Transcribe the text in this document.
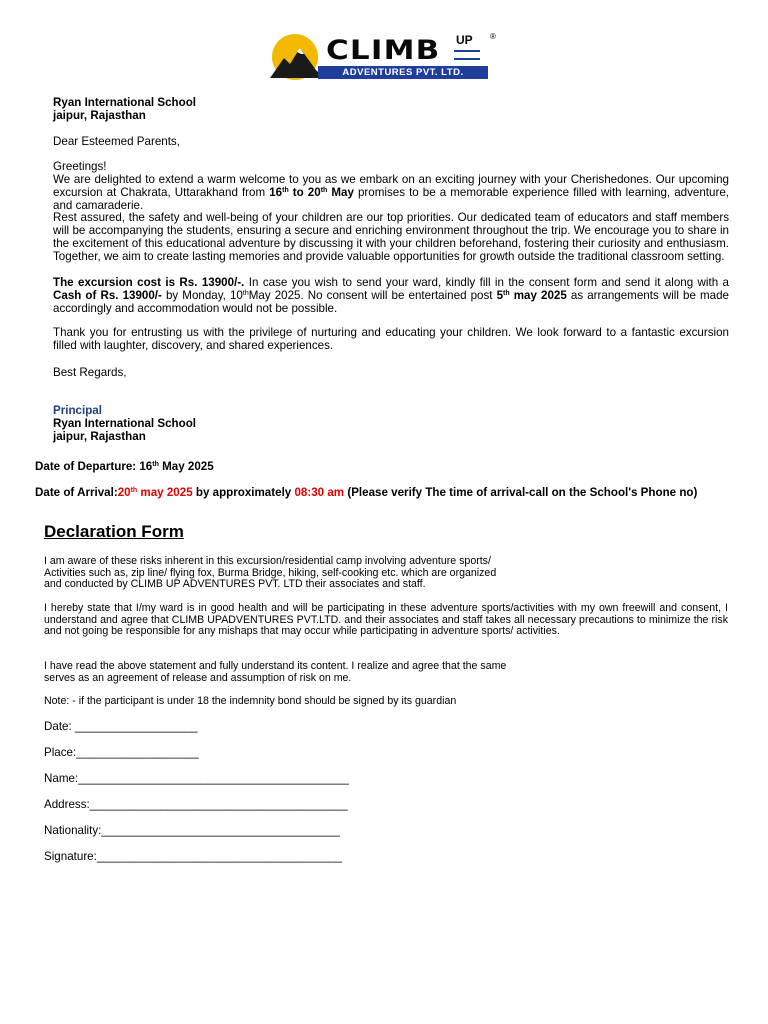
CLIMB UP ®
ADVENTURES PVT. LTD.
Ryan International School
jaipur, Rajasthan
Dear Esteemed Parents,
Greetings!

We are delighted to extend a warm welcome to you as we embark on an exciting journey with your Cherishedones. Our upcoming excursion at Chakrata, Uttarakhand from 16th to 20th May promises to be a memorable experience filled with learning, adventure, and camaraderie.

Rest assured, the safety and well-being of your children are our top priorities. Our dedicated team of educators and staff members will be accompanying the students, ensuring a secure and enriching environment throughout the trip. We encourage you to share in the excitement of this educational adventure by discussing it with your children beforehand, fostering their curiosity and enthusiasm. Together, we aim to create lasting memories and provide valuable opportunities for growth outside the traditional classroom setting.

The excursion cost is Rs. 13900/-. In case you wish to send your ward, kindly fill in the consent form and send it along with a Cash of Rs. 13900/- by Monday, 10thMay 2025. No consent will be entertained post 5th may 2025 as arrangements will be made accordingly and accommodation would not be possible.

Thank you for entrusting us with the privilege of nurturing and educating your children. We look forward to a fantastic excursion filled with laughter, discovery, and shared experiences.

Best Regards,
Principal
Ryan International School
jaipur, Rajasthan
Date of Departure: 16th May 2025

Date of Arrival:20th may 2025 by approximately 08:30 am (Please verify The time of arrival-call on the School's Phone no)

Declaration Form
I am aware of these risks inherent in this excursion/residential camp involving adventure sports/
Activities such as, zip line/ flying fox, Burma Bridge, hiking, self-cooking etc. which are organized
and conducted by CLIMB UP ADVENTURES PVT. LTD their associates and staff.

I hereby state that I/my ward is in good health and will be participating in these adventure sports/activities with my own freewill and consent, I understand and agree that CLIMB UPADVENTURES PVT.LTD. and their associates and staff takes all necessary precautions to minimize the risk and not going be responsible for any mishaps that may occur while participating in adventure sports/ activities.

I have read the above statement and fully understand its content. I realize and agree that the same
serves as an agreement of release and assumption of risk on me.
Note: - if the participant is under 18 the indemnity bond should be signed by its guardian
Date: ___________________
Place:___________________
Name:__________________________________________
Address:________________________________________
Nationality:_____________________________________
Signature:______________________________________
